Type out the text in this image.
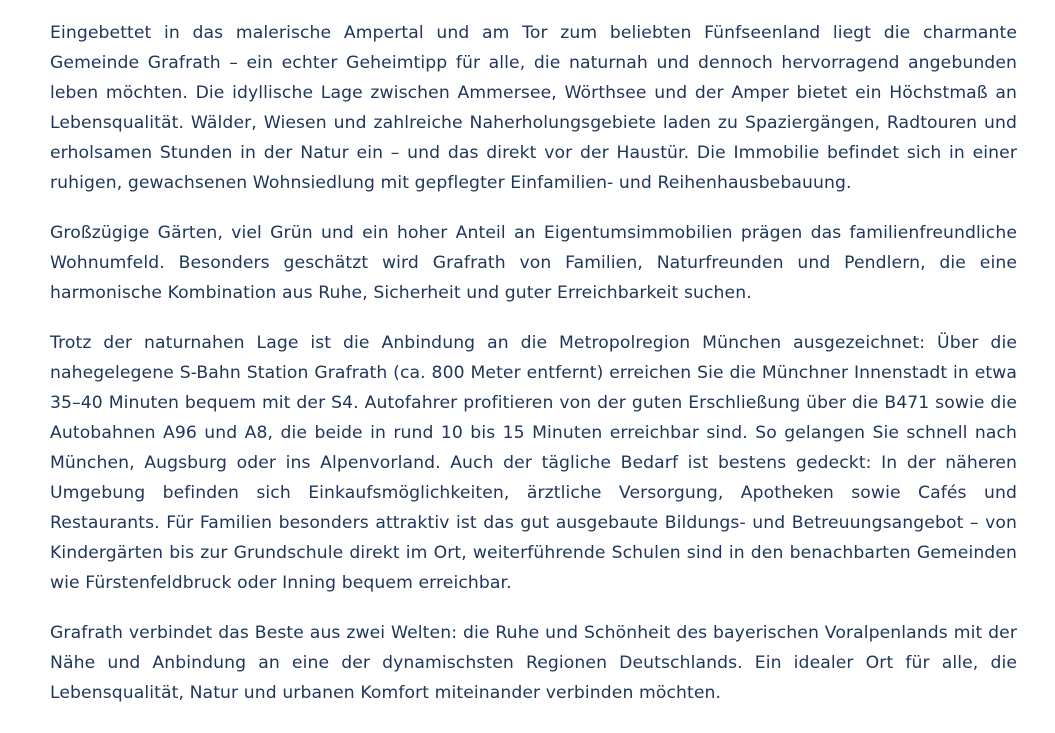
Eingebettet in das malerische Ampertal und am Tor zum beliebten Fünfseenland liegt die charmante Gemeinde Grafrath – ein echter Geheimtipp für alle, die naturnah und dennoch hervorragend angebunden leben möchten. Die idyllische Lage zwischen Ammersee, Wörthsee und der Amper bietet ein Höchstmaß an Lebensqualität. Wälder, Wiesen und zahlreiche Naherholungsgebiete laden zu Spaziergängen, Radtouren und erholsamen Stunden in der Natur ein – und das direkt vor der Haustür. Die Immobilie befindet sich in einer ruhigen, gewachsenen Wohnsiedlung mit gepflegter Einfamilien- und Reihenhausbebauung.

Großzügige Gärten, viel Grün und ein hoher Anteil an Eigentumsimmobilien prägen das familienfreundliche Wohnumfeld. Besonders geschätzt wird Grafrath von Familien, Naturfreunden und Pendlern, die eine harmonische Kombination aus Ruhe, Sicherheit und guter Erreichbarkeit suchen.

Trotz der naturnahen Lage ist die Anbindung an die Metropolregion München ausgezeichnet: Über die nahegelegene S-Bahn Station Grafrath (ca. 800 Meter entfernt) erreichen Sie die Münchner Innenstadt in etwa 35–40 Minuten bequem mit der S4. Autofahrer profitieren von der guten Erschließung über die B471 sowie die Autobahnen A96 und A8, die beide in rund 10 bis 15 Minuten erreichbar sind. So gelangen Sie schnell nach München, Augsburg oder ins Alpenvorland. Auch der tägliche Bedarf ist bestens gedeckt: In der näheren Umgebung befinden sich Einkaufsmöglichkeiten, ärztliche Versorgung, Apotheken sowie Cafés und Restaurants. Für Familien besonders attraktiv ist das gut ausgebaute Bildungs- und Betreuungsangebot – von Kindergärten bis zur Grundschule direkt im Ort, weiterführende Schulen sind in den benachbarten Gemeinden wie Fürstenfeldbruck oder Inning bequem erreichbar.

Grafrath verbindet das Beste aus zwei Welten: die Ruhe und Schönheit des bayerischen Voralpenlands mit der Nähe und Anbindung an eine der dynamischsten Regionen Deutschlands. Ein idealer Ort für alle, die Lebensqualität, Natur und urbanen Komfort miteinander verbinden möchten.
